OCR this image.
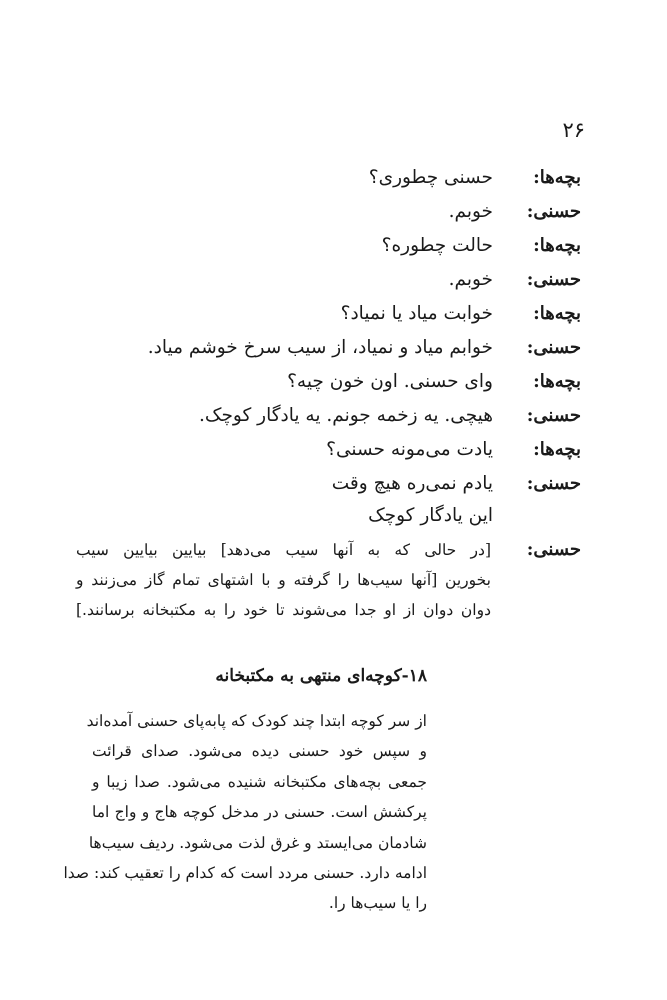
۲۶
بچه‌ها:
حسنی چطوری؟
حسنی:
خوبم.
بچه‌ها:
حالت چطوره؟
حسنی:
خوبم.
بچه‌ها:
خوابت میاد یا نمیاد؟
حسنی:
خوابم میاد و نمیاد، از سیب سرخ خوشم میاد.
بچه‌ها:
وای حسنی. اون خون چیه؟
حسنی:
هیچی. یه زخمه جونم. یه یادگار کوچک.
بچه‌ها:
یادت می‌مونه حسنی؟
حسنی:
یادم نمی‌ره هیچ وقت
این یادگار کوچک
حسنی:
[در حالی که به آنها سیب می‌دهد] بیایین بیایین سیب
بخورین [آنها سیب‌ها را گرفته و با اشتهای تمام گاز می‌زنند و
دوان دوان از او جدا می‌شوند تا خود را به مکتبخانه برسانند.]
۱۸-کوچه‌ای منتهی به مکتبخانه
از سر کوچه ابتدا چند کودک که پابه‌پای حسنی آمده‌اند
و سپس خود حسنی دیده می‌شود. صدای قرائت
جمعی بچه‌های مکتبخانه شنیده می‌شود. صدا زیبا و
پرکشش است. حسنی در مدخل کوچه هاج و واج اما
شادمان می‌ایستد و غرق لذت می‌شود. ردیف سیب‌ها
ادامه دارد. حسنی مردد است که کدام را تعقیب کند: صدا
را یا سیب‌ها را.
